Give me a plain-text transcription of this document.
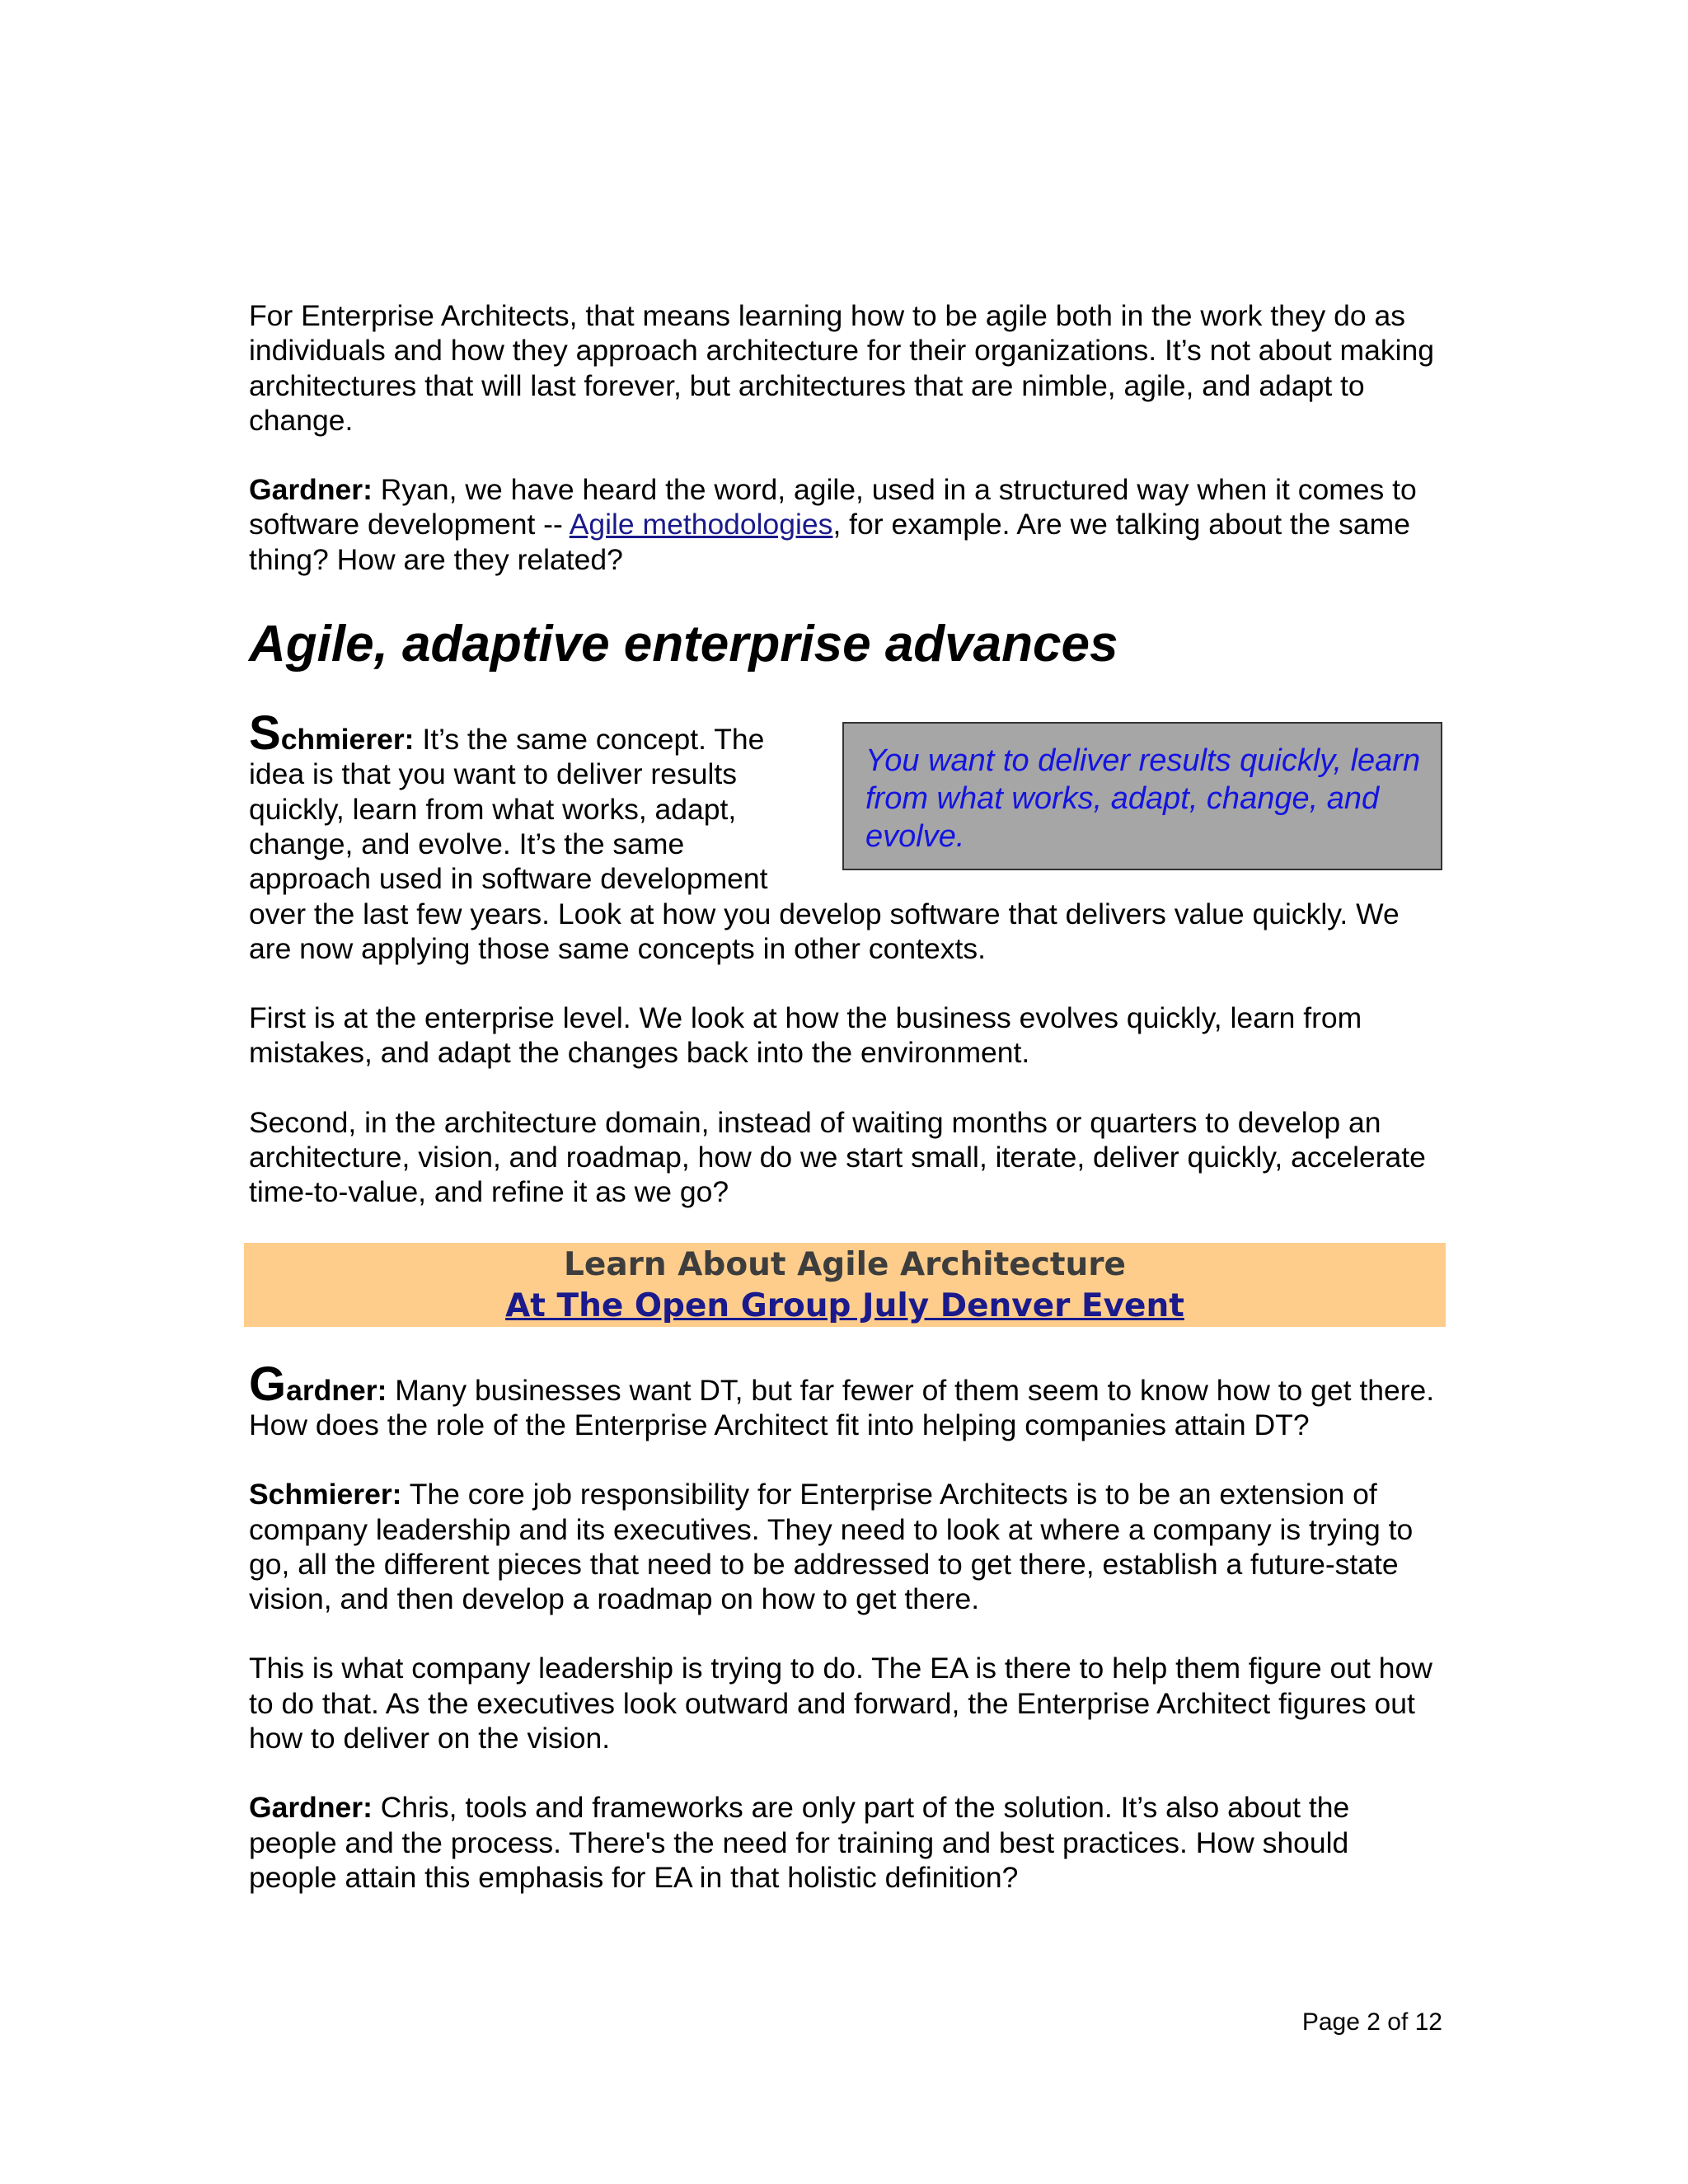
For Enterprise Architects, that means learning how to be agile both in the work they do as individuals and how they approach architecture for their organizations. It’s not about making architectures that will last forever, but architectures that are nimble, agile, and adapt to change.

Gardner: Ryan, we have heard the word, agile, used in a structured way when it comes to software development -- Agile methodologies, for example. Are we talking about the same thing? How are they related?

Agile, adaptive enterprise advances

You want to deliver results quickly, learn from what works, adapt, change, and evolve.
Schmierer: It’s the same concept. The idea is that you want to deliver results quickly, learn from what works, adapt, change, and evolve. It’s the same approach used in software development over the last few years. Look at how you develop software that delivers value quickly. We are now applying those same concepts in other contexts.

First is at the enterprise level. We look at how the business evolves quickly, learn from mistakes, and adapt the changes back into the environment.

Second, in the architecture domain, instead of waiting months or quarters to develop an architecture, vision, and roadmap, how do we start small, iterate, deliver quickly, accelerate time-to-value, and refine it as we go?

Learn About Agile Architecture
At The Open Group July Denver Event

Gardner: Many businesses want DT, but far fewer of them seem to know how to get there. How does the role of the Enterprise Architect fit into helping companies attain DT?

Schmierer: The core job responsibility for Enterprise Architects is to be an extension of company leadership and its executives. They need to look at where a company is trying to go, all the different pieces that need to be addressed to get there, establish a future-state vision, and then develop a roadmap on how to get there.

This is what company leadership is trying to do. The EA is there to help them figure out how to do that. As the executives look outward and forward, the Enterprise Architect figures out how to deliver on the vision.

Gardner: Chris, tools and frameworks are only part of the solution. It’s also about the people and the process. There's the need for training and best practices. How should people attain this emphasis for EA in that holistic definition?

Page 2 of 12
